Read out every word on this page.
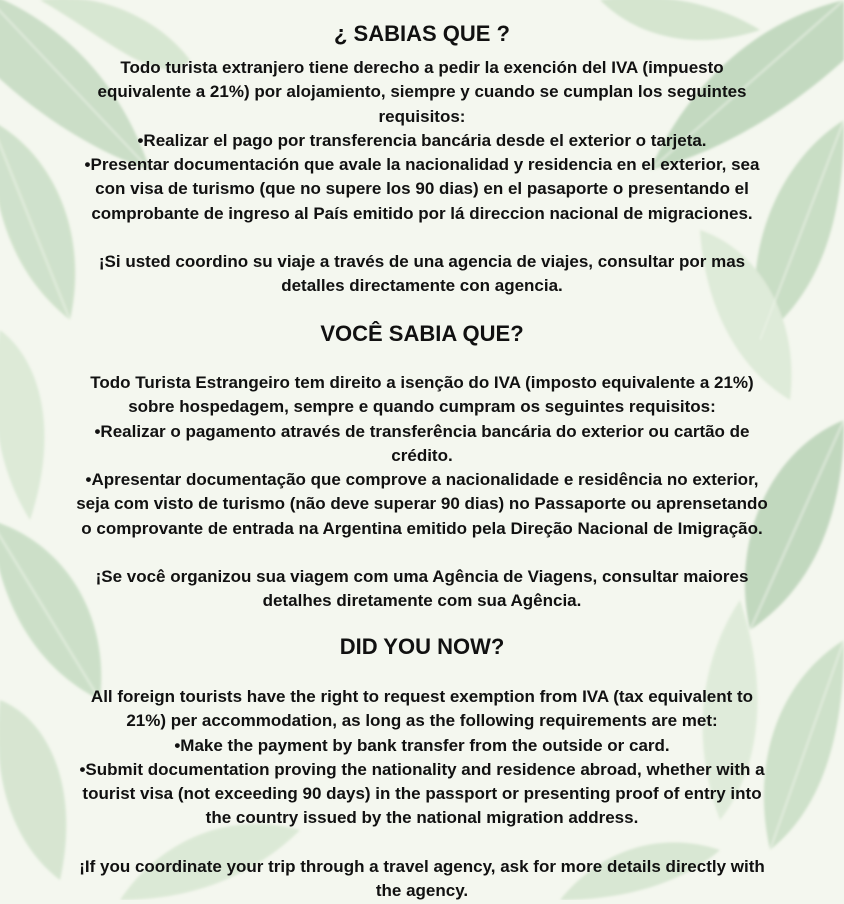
¿ SABIAS QUE ?
Todo turista extranjero tiene derecho a pedir la exención del IVA (impuesto
equivalente a 21%) por alojamiento, siempre y cuando se cumplan los seguintes
requisitos:
•Realizar el pago por transferencia bancária desde el exterior o tarjeta.
•Presentar documentación que avale la nacionalidad y residencia en el exterior, sea
con visa de turismo (que no supere los 90 dias) en el pasaporte o presentando el
comprobante de ingreso al País emitido por lá direccion nacional de migraciones.
¡Si usted coordino su viaje a través de una agencia de viajes, consultar por mas
detalles directamente con agencia.
VOCÊ SABIA QUE?
Todo Turista Estrangeiro tem direito a isenção do IVA (imposto equivalente a 21%)
sobre hospedagem, sempre e quando cumpram os seguintes requisitos:
•Realizar o pagamento através de transferência bancária do exterior ou cartão de
crédito.
•Apresentar documentação que comprove a nacionalidade e residência no exterior,
seja com visto de turismo (não deve superar 90 dias) no Passaporte ou aprensetando
o comprovante de entrada na Argentina emitido pela Direção Nacional de Imigração.
¡Se você organizou sua viagem com uma Agência de Viagens, consultar maiores
detalhes diretamente com sua Agência.
DID YOU NOW?
All foreign tourists have the right to request exemption from IVA (tax equivalent to
21%) per accommodation, as long as the following requirements are met:
•Make the payment by bank transfer from the outside or card.
•Submit documentation proving the nationality and residence abroad, whether with a
tourist visa (not exceeding 90 days) in the passport or presenting proof of entry into
the country issued by the national migration address.
¡If you coordinate your trip through a travel agency, ask for more details directly with
the agency.
